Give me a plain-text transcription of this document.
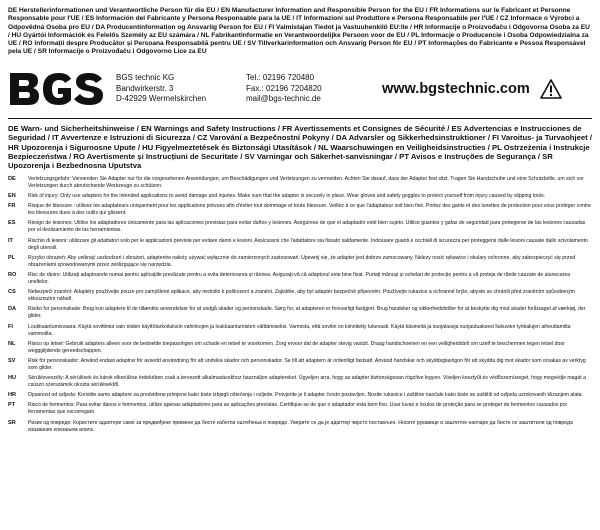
DE Herstellerinformationen und Verantwortliche Person für die EU / EN Manufacturer Information and Responsible Person for the EU / FR Informations sur le Fabricant et Personne Responsable pour l'UE / ES Información del Fabricante y Persona Responsable para la UE / IT Informazioni sul Produttore e Persona Responsabile per l'UE / CZ Informace o Výrobci a Odpovědná Osoba pro EU / DA Producentinformation og Ansvarlig Person for EU / FI Valmistajan Tiedot ja Vastuuhenkilö EU:lle / HR Informacije o Proizvođaču i Odgovorna Osoba za EU / HU Gyártói Információk és Felelős Személy az EU számára / NL Fabrikantinformatie en Verantwoordelijke Persoon voor de EU / PL Informacje o Producencie i Osoba Odpowiedzialna za UE / RO Informații despre Producător și Persoana Responsabilă pentru UE / SV Tillverkarinformation och Ansvarig Person för EU / PT Informações do Fabricante e Pessoa Responsável pela UE / SR Informacije o Proizvođaču i Odgovorno Lice za EU

BGS technic KG
Bandwirkerstr. 3
D-42929 Wermelskirchen
Tel.: 02196 720480
Fax.: 02196 7204820
mail@bgs-technic.de
www.bgstechnic.com

DE Warn- und Sicherheitshinweise / EN Warnings and Safety Instructions / FR Avertissements et Consignes de Sécurité / ES Advertencias e Instrucciones de Seguridad / IT Avvertenze e Istruzioni di Sicurezza / CZ Varování a Bezpečnostní Pokyny / DA Advarsler og Sikkerhedsinstruktioner / FI Varoitus- ja Turvaohjeet / HR Upozorenja i Sigurnosne Upute / HU Figyelmeztetések és Biztonsági Utasítások / NL Waarschuwingen en Veiligheidsinstructies / PL Ostrzeżenia i Instrukcje Bezpieczeństwa / RO Avertismente și Instrucțiuni de Securitate / SV Varningar och Säkerhet-sanvisningar / PT Avisos e Instruções de Segurança / SR Upozorenja i Bezbednosna Uputstva

DE	Verletzungsgefahr: Verwenden Sie Adapter nur für die vorgesehenen Anwendungen, um Beschädigungen und Verletzungen zu vermeiden. Achten Sie darauf, dass der Adapter fest sitzt. Tragen Sie Handschuhe und eine Schutzbrille, um sich vor Verletzungen durch abrutschende Werkzeuge zu schützen.
EN	Risk of injury: Only use adapters for the intended applications to avoid damage and injuries. Make sure that the adapter is securely in place. Wear gloves and safety goggles to protect yourself from injury caused by slipping tools.
FR	Risque de blessure : utilisez les adaptateurs uniquement pour les applications prévues afin d'éviter tout dommage et toute blessure. Veillez à ce que l'adaptateur soit bien fixé. Portez des gants et des lunettes de protection pour vous protéger contre les blessures dues à des outils qui glissent.
ES	Riesgo de lesiones: Utilice los adaptadores únicamente para las aplicaciones previstas para evitar daños y lesiones. Asegúrese de que el adaptador esté bien sujeto. Utilice guantes y gafas de seguridad para protegerse de las lesiones causadas por el deslizamiento de las herramientas.
IT	Rischio di lesioni: utilizzare gli adattatori solo per le applicazioni previste per evitare danni e lesioni. Assicurarsi che l'adattatore sia fissato saldamente. Indossare guanti e occhiali di sicurezza per proteggersi dalle lesioni causate dallo scivolamento degli utensili.
PL	Ryzyko obrażeń: Aby uniknąć uszkodzeń i obrażeń, adapterów należy używać wyłącznie do zamierzonych zastosowań. Upewnij się, że adapter jest dobrze zamocowany. Należy nosić rękawice i okulary ochronne, aby zabezpieczyć się przed obrażeniami spowodowanymi przez ześlizgujące się narzędzia.
RO	Risc de rănire: Utilizați adaptoarele numai pentru aplicațiile prevăzute pentru a evita deteriorarea și rănirea. Asigurați-vă că adaptorul este bine fixat. Purtați mănuși și ochelari de protecție pentru a vă proteja de rănile cauzate de alunecarea uneltelor.
CS	Nebezpečí zranění: Adaptéry používejte pouze pro zamýšlené aplikace, aby nedošlo k poškození a zranění. Zajistěte, aby byl adaptér bezpečně připevněn. Používejte rukavice a ochranné brýle, abyste se chránili před zraněním způsobeným sklouznutím nářadí.
DA	Risiko for personskade: Brug kun adaptere til de tiltænkte anvendelser for at undgå skader og personskade. Sørg for, at adapteren er forsvarligt fastgjort. Brug handsker og sikkerhedsbriller for at beskytte dig mod skader forårsaget af værktøj, der glider.
FI	Loukkaantumisvaara: Käytä sovittimia vain niiden käyttötarkoituksiin vahinkojen ja loukkaantumisten välttämiseksi. Varmista, että sovitin on kiinnitetty tukevasti. Käytä käsineitä ja suojalaseja suojautuaksesi liukuvien työkalujen aiheuttamilta vammoilta.
NL	Risico op letsel: Gebruik adapters alleen voor de bedoelde toepassingen om schade en letsel te voorkomen. Zorg ervoor dat de adapter stevig vastzit. Draag handschoenen en een veiligheidsbril om uzelf te beschermen tegen letsel door weggglijdende gereedschappen.
SV	Risk för personskador: Använd endast adaptrar för avsedd användning för att undvika skador och personskador. Se till att adaptern är ordentligt fastsatt. Använd handskar och skyddsglasögon för att skydda dig mot skador som orsakas av verktyg som glider.
HU	Sérülésveszély: A sérülések és károk elkerülése érdekében csak a tervezett alkalmazásokhoz használjon adaptereket. Ügyeljen arra, hogy az adapter biztonságosan rögzítve legyen. Viseljen kesztyűt és védőszemüveget, hogy megvédje magát a csúszó szerszámok okozta sérülésektől.
HR	Opasnost od ozljeda: Koristite samo adaptere za predviđene primjene kako biste izbjegli oštećenja i ozljede. Provjerite je li adapter čvrsto postavljen. Nosite rukavice i zaštitne naočale kako biste se zaštitili od ozljeda uzrokovanih klizanjem alata.
PT	Risco de ferimentos: Para evitar danos e ferimentos, utilize apenas adaptadores para as aplicações previstas. Certifique-se de que o adaptador está bem fixo. Usar luvas e óculos de proteção para se proteger de ferimentos causados por ferramentas que escorregam.
SR	Ризик од повреде: Користите адаптере само за предвиђене примене да бисте избегли оштећења и повреде. Уверите се да је адаптер чврсто постављен. Носите рукавице и заштитне наочаре да бисте се заштитили од повреда изазваних клизањем алата.
